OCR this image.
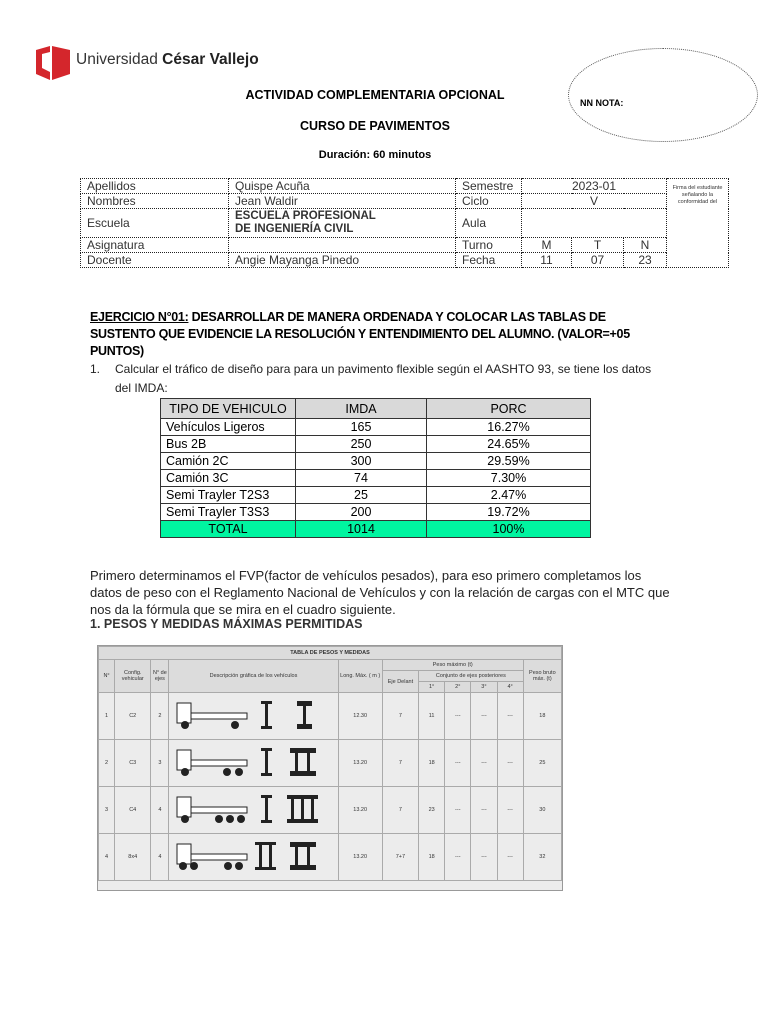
Universidad César Vallejo
NN NOTA:
ACTIVIDAD COMPLEMENTARIA OPCIONAL
CURSO DE PAVIMENTOS
Duración: 60 minutos
Apellidos	Quispe Acuña	Semestre	2023-01			Firma del estudiante señalando la conformidad del
Nombres	Jean Waldir	Ciclo	V			
Escuela	ESCUELA PROFESIONAL
DE INGENIERÍA CIVIL	Aula				
Asignatura		Turno	M	T	N	
Docente	Angie Mayanga Pinedo	Fecha	11	07	23	
EJERCICIO N°01: DESARROLLAR DE MANERA ORDENADA Y COLOCAR LAS TABLAS DE SUSTENTO QUE EVIDENCIE LA RESOLUCIÓN Y ENTENDIMIENTO DEL ALUMNO. (VALOR=+05 PUNTOS)
1. Calcular el tráfico de diseño para para un pavimento flexible según el AASHTO 93, se tiene los datos del IMDA:
TIPO DE VEHICULO	IMDA	PORC
Vehículos Ligeros	165	16.27%
Bus 2B	250	24.65%
Camión 2C	300	29.59%
Camión 3C	74	7.30%
Semi Trayler T2S3	25	2.47%
Semi Trayler T3S3	200	19.72%
TOTAL	1014	100%
Primero determinamos el FVP(factor de vehículos pesados), para eso primero completamos los datos de peso con el Reglamento Nacional de Vehículos y con la relación de cargas con el MTC que nos da la fórmula que se mira en el cuadro siguiente.
1. PESOS Y MEDIDAS MÁXIMAS PERMITIDAS
TABLA DE PESOS Y MEDIDAS										
N°	Config. vehicular	N° de ejes	Descripción gráfica de los vehículos	Long. Máx. ( m )	Peso máximo (t)					Peso bruto máx. (t)
					Eje Delant	Conjunto de ejes posteriores				
						1°	2°	3°	4°	
1	C2	2		12.30	7	11	---	---	---	18
2	C3	3		13.20	7	18	---	---	---	25
3	C4	4		13.20	7	23	---	---	---	30
4	8x4	4		13.20	7+7	18	---	---	---	32
